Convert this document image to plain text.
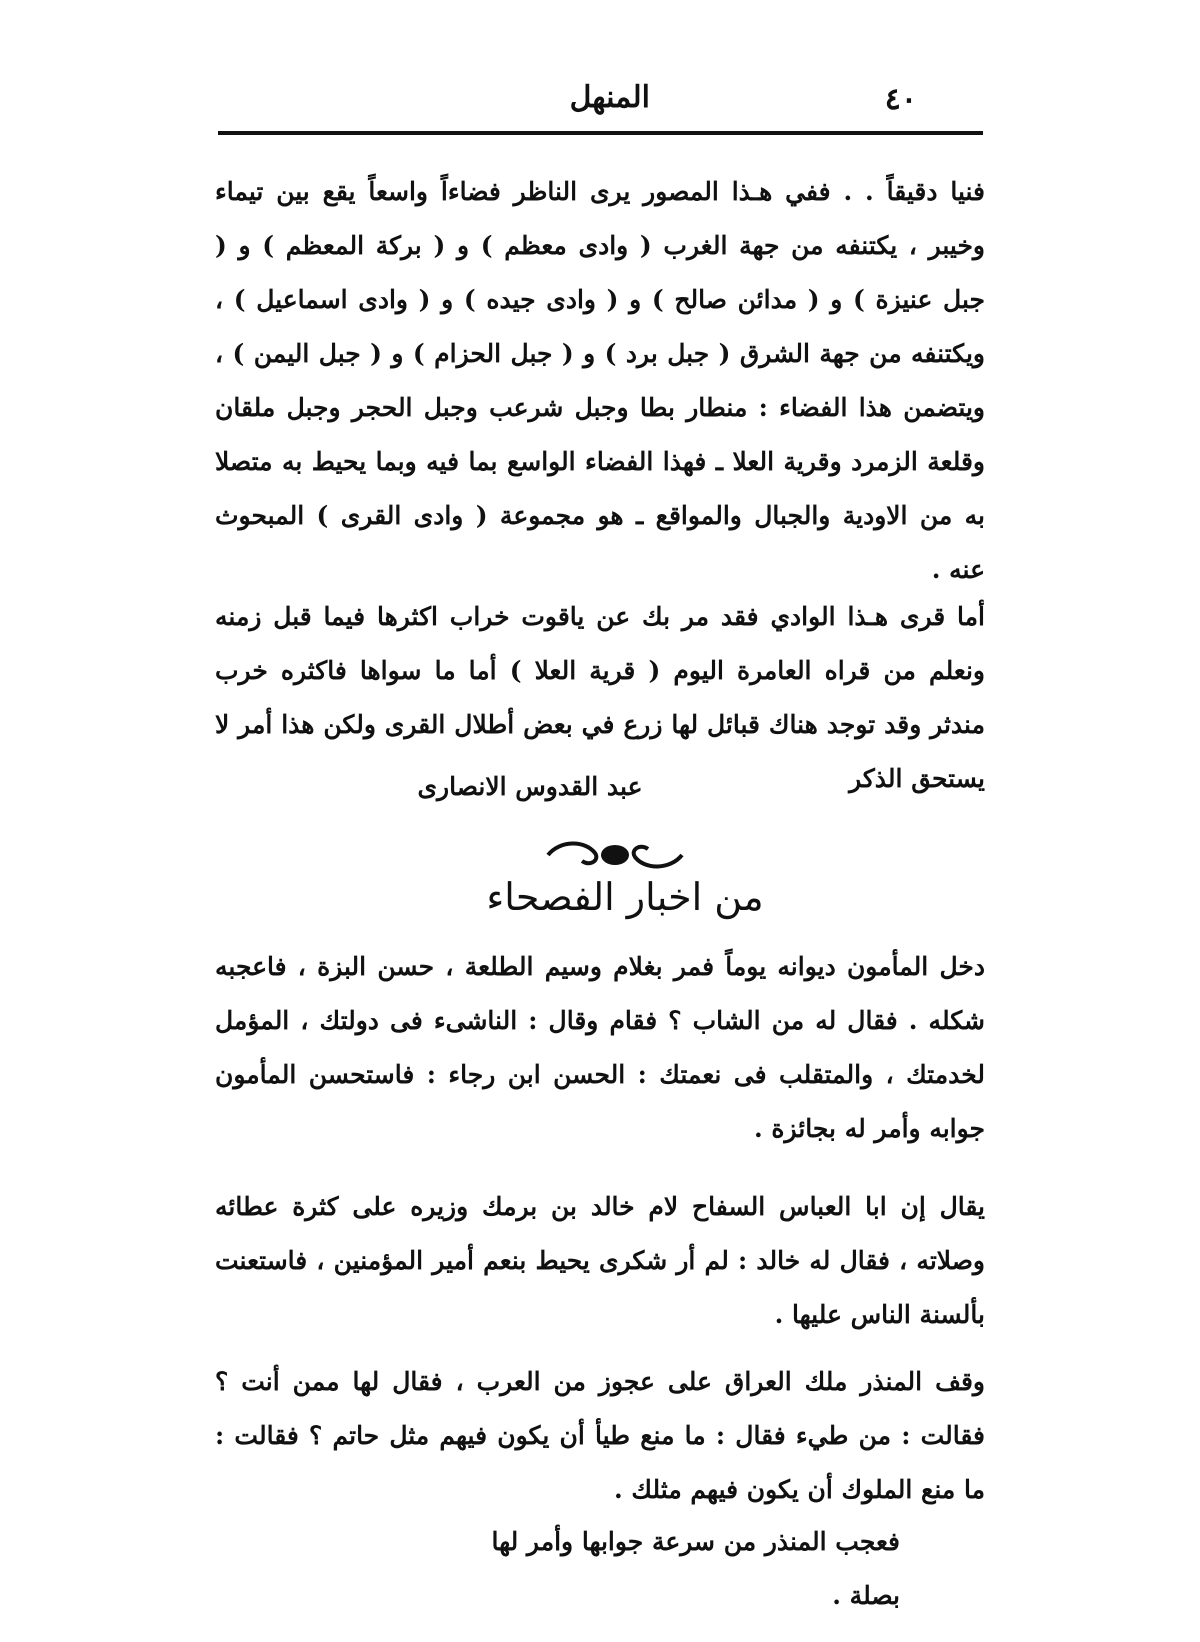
٤٠
المنهل

فنيا دقيقاً . . ففي هـذا المصور يرى الناظر فضاءاً واسعاً يقع بين تيماء وخيبر ، يكتنفه من جهة الغرب ( وادى معظم ) و ( بركة المعظم ) و ( جبل عنيزة ) و ( مدائن صالح ) و ( وادى جيده ) و ( وادى اسماعيل ) ، ويكتنفه من جهة الشرق ( جبل برد ) و ( جبل الحزام ) و ( جبل اليمن ) ، ويتضمن هذا الفضاء : منطار بطا وجبل شرعب وجبل الحجر وجبل ملقان وقلعة الزمرد وقرية العلا ـ فهذا الفضاء الواسع بما فيه وبما يحيط به متصلا به من الاودية والجبال والمواقع ـ هو مجموعة ( وادى القرى ) المبحوث عنه .

أما قرى هـذا الوادي فقد مر بك عن ياقوت خراب اكثرها فيما قبل زمنه ونعلم من قراه العامرة اليوم ( قرية العلا ) أما ما سواها فاكثره خرب مندثر وقد توجد هناك قبائل لها زرع في بعض أطلال القرى ولكن هذا أمر لا يستحق الذكر

عبد القدوس الانصارى
من اخبار الفصحاء

دخل المأمون ديوانه يوماً فمر بغلام وسيم الطلعة ، حسن البزة ، فاعجبه شكله . فقال له من الشاب ؟ فقام وقال : الناشىء فى دولتك ، المؤمل لخدمتك ، والمتقلب فى نعمتك : الحسن ابن رجاء : فاستحسن المأمون جوابه وأمر له بجائزة .

يقال إن ابا العباس السفاح لام خالد بن برمك وزيره على كثرة عطائه وصلاته ، فقال له خالد : لم أر شكرى يحيط بنعم أمير المؤمنين ، فاستعنت بألسنة الناس عليها .

وقف المنذر ملك العراق على عجوز من العرب ، فقال لها ممن أنت ؟ فقالت : من طيء فقال : ما منع طيأ أن يكون فيهم مثل حاتم ؟ فقالت : ما منع الملوك أن يكون فيهم مثلك .

فعجب المنذر من سرعة جوابها وأمر لها بصلة .
